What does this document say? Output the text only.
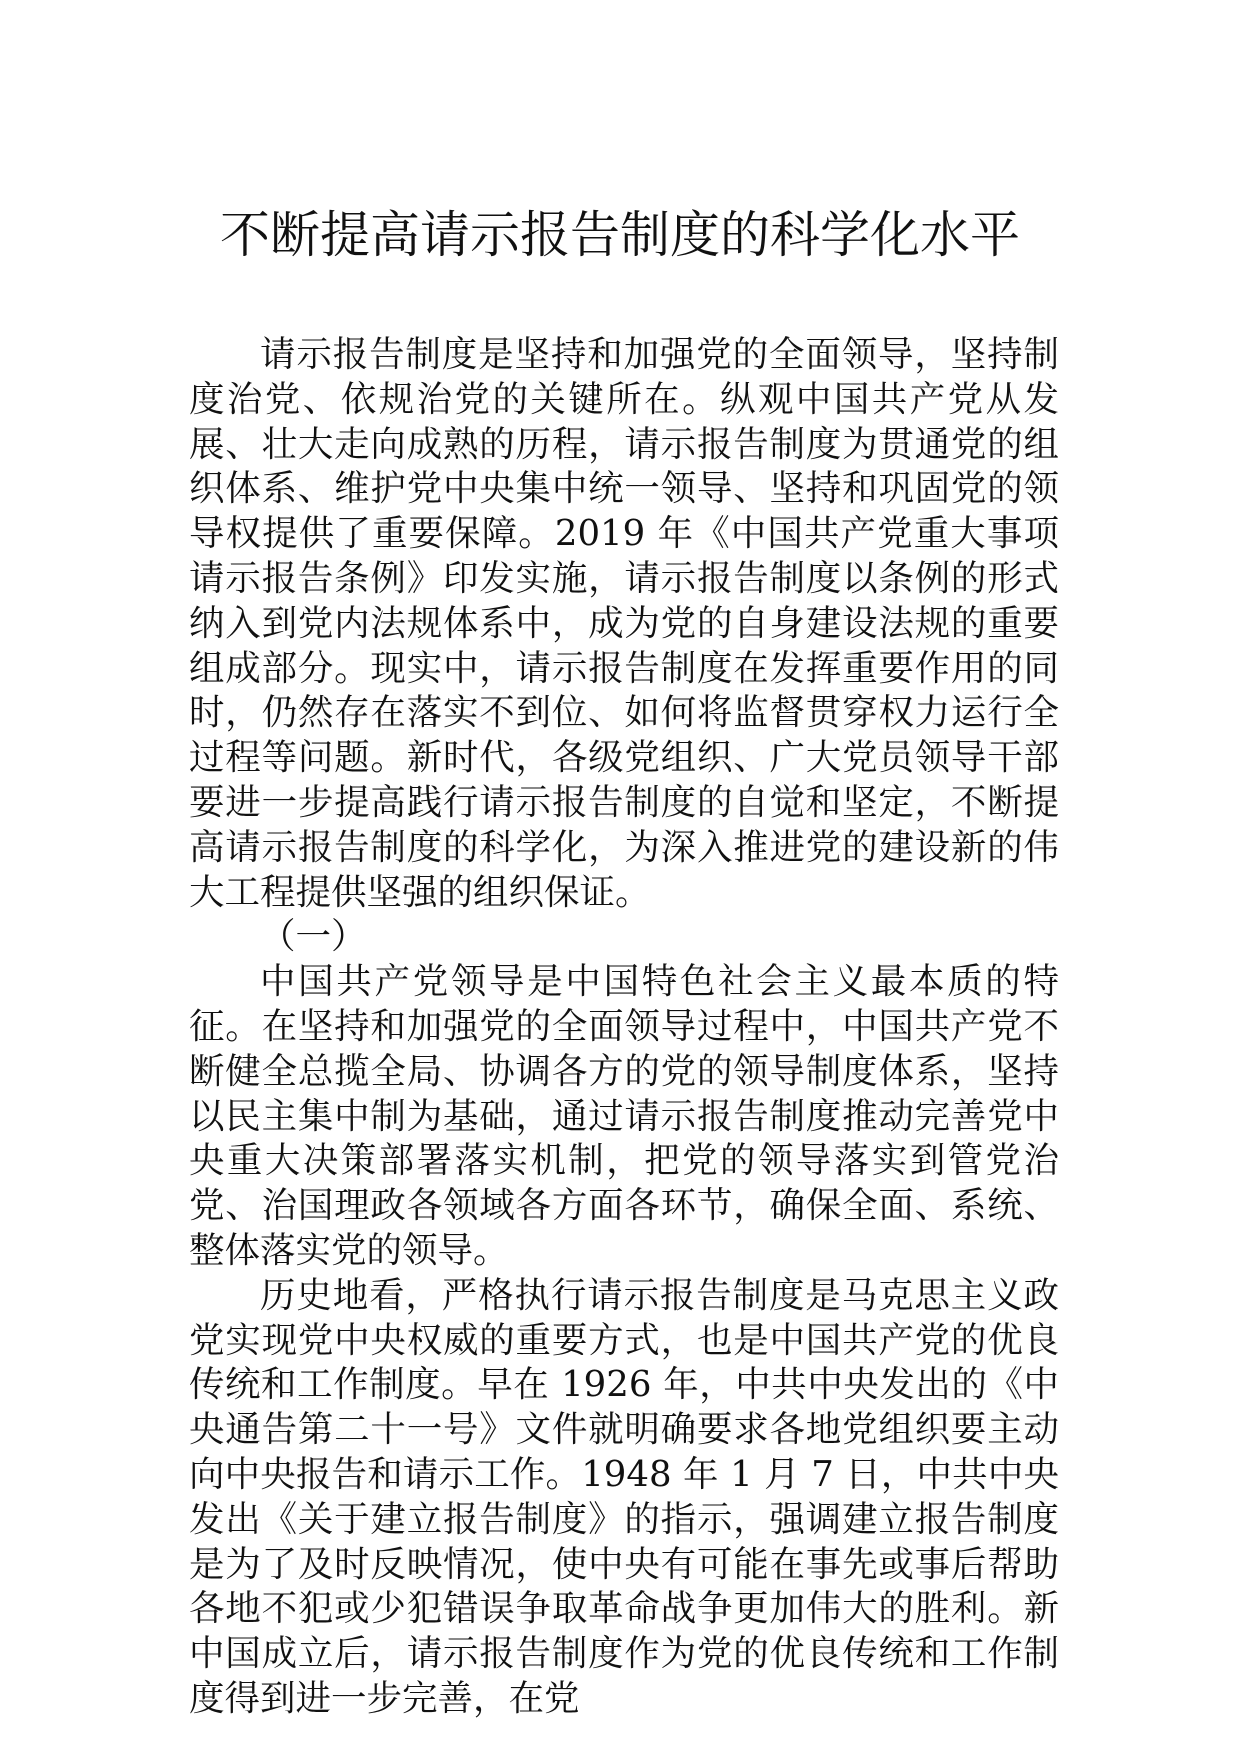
不断提高请示报告制度的科学化水平

请示报告制度是坚持和加强党的全面领导，坚持制度治党、依规治党的关键所在。纵观中国共产党从发展、壮大走向成熟的历程，请示报告制度为贯通党的组织体系、维护党中央集中统一领导、坚持和巩固党的领导权提供了重要保障。2019 年《中国共产党重大事项请示报告条例》印发实施，请示报告制度以条例的形式纳入到党内法规体系中，成为党的自身建设法规的重要组成部分。现实中，请示报告制度在发挥重要作用的同时，仍然存在落实不到位、如何将监督贯穿权力运行全过程等问题。新时代，各级党组织、广大党员领导干部要进一步提高践行请示报告制度的自觉和坚定，不断提高请示报告制度的科学化，为深入推进党的建设新的伟大工程提供坚强的组织保证。

（一）

中国共产党领导是中国特色社会主义最本质的特征。在坚持和加强党的全面领导过程中，中国共产党不断健全总揽全局、协调各方的党的领导制度体系，坚持以民主集中制为基础，通过请示报告制度推动完善党中央重大决策部署落实机制，把党的领导落实到管党治党、治国理政各领域各方面各环节，确保全面、系统、整体落实党的领导。

历史地看，严格执行请示报告制度是马克思主义政党实现党中央权威的重要方式，也是中国共产党的优良传统和工作制度。早在 1926 年，中共中央发出的《中央通告第二十一号》文件就明确要求各地党组织要主动向中央报告和请示工作。1948 年 1 月 7 日，中共中央发出《关于建立报告制度》的指示，强调建立报告制度是为了及时反映情况，使中央有可能在事先或事后帮助各地不犯或少犯错误争取革命战争更加伟大的胜利。新中国成立后，请示报告制度作为党的优良传统和工作制度得到进一步完善，在党
